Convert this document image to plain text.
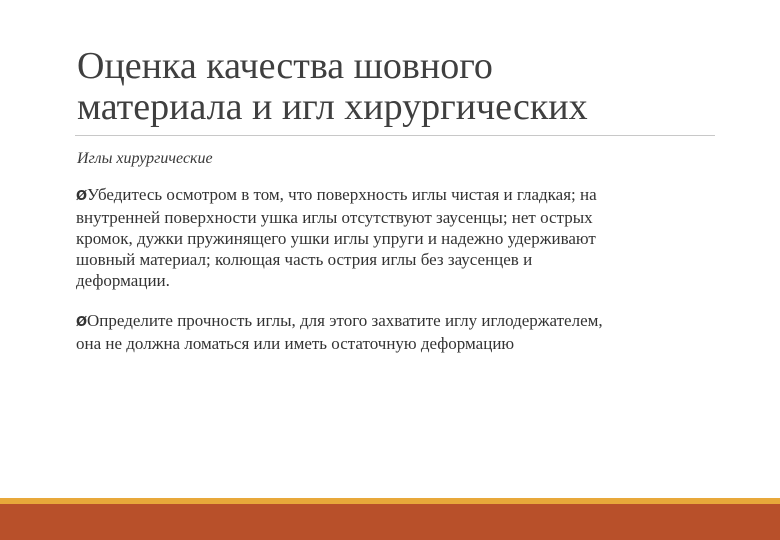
Оценка качества шовного
материала и игл хирургических

Иглы хирургические

ØУбедитесь осмотром в том, что поверхность иглы чистая и гладкая; на
внутренней поверхности ушка иглы отсутствуют заусенцы; нет острых
кромок, дужки пружинящего ушки иглы упруги и надежно удерживают
шовный материал; колющая часть острия иглы без заусенцев и
деформации.
ØОпределите прочность иглы, для этого захватите иглу иглодержателем,
она не должна ломаться или иметь остаточную деформацию
